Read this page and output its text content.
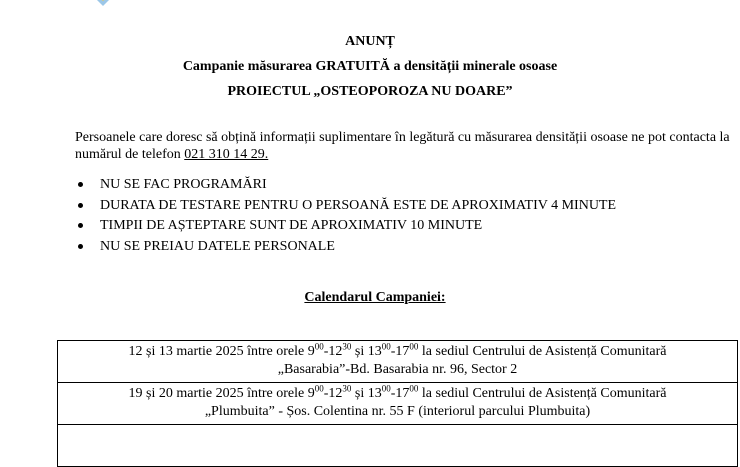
ANUNȚ
Campanie măsurarea GRATUITĂ a densității minerale osoase
PROIECTUL „OSTEOPOROZA NU DOARE”
Persoanele care doresc să obțină informații suplimentare în legătură cu măsurarea densității osoase ne pot contacta la numărul de telefon 021 310 14 29.
NU SE FAC PROGRAMĂRI
DURATA DE TESTARE PENTRU O PERSOANĂ ESTE DE APROXIMATIV 4 MINUTE
TIMPII DE AȘTEPTARE SUNT DE APROXIMATIV 10 MINUTE
NU SE PREIAU DATELE PERSONALE
Calendarul Campaniei:
12 și 13 martie 2025 între orele $9^{00}-12^{30}$ și $13^{00}-17^{00}$ la sediul Centrului de Asistență Comunitară
„Basarabia”-Bd. Basarabia nr. 96, Sector 2
19 și 20 martie 2025 între orele $9^{00}-12^{30}$ și $13^{00}-17^{00}$ la sediul Centrului de Asistență Comunitară
„Plumbuita” - Șos. Colentina nr. 55 F (interiorul parcului Plumbuita)
